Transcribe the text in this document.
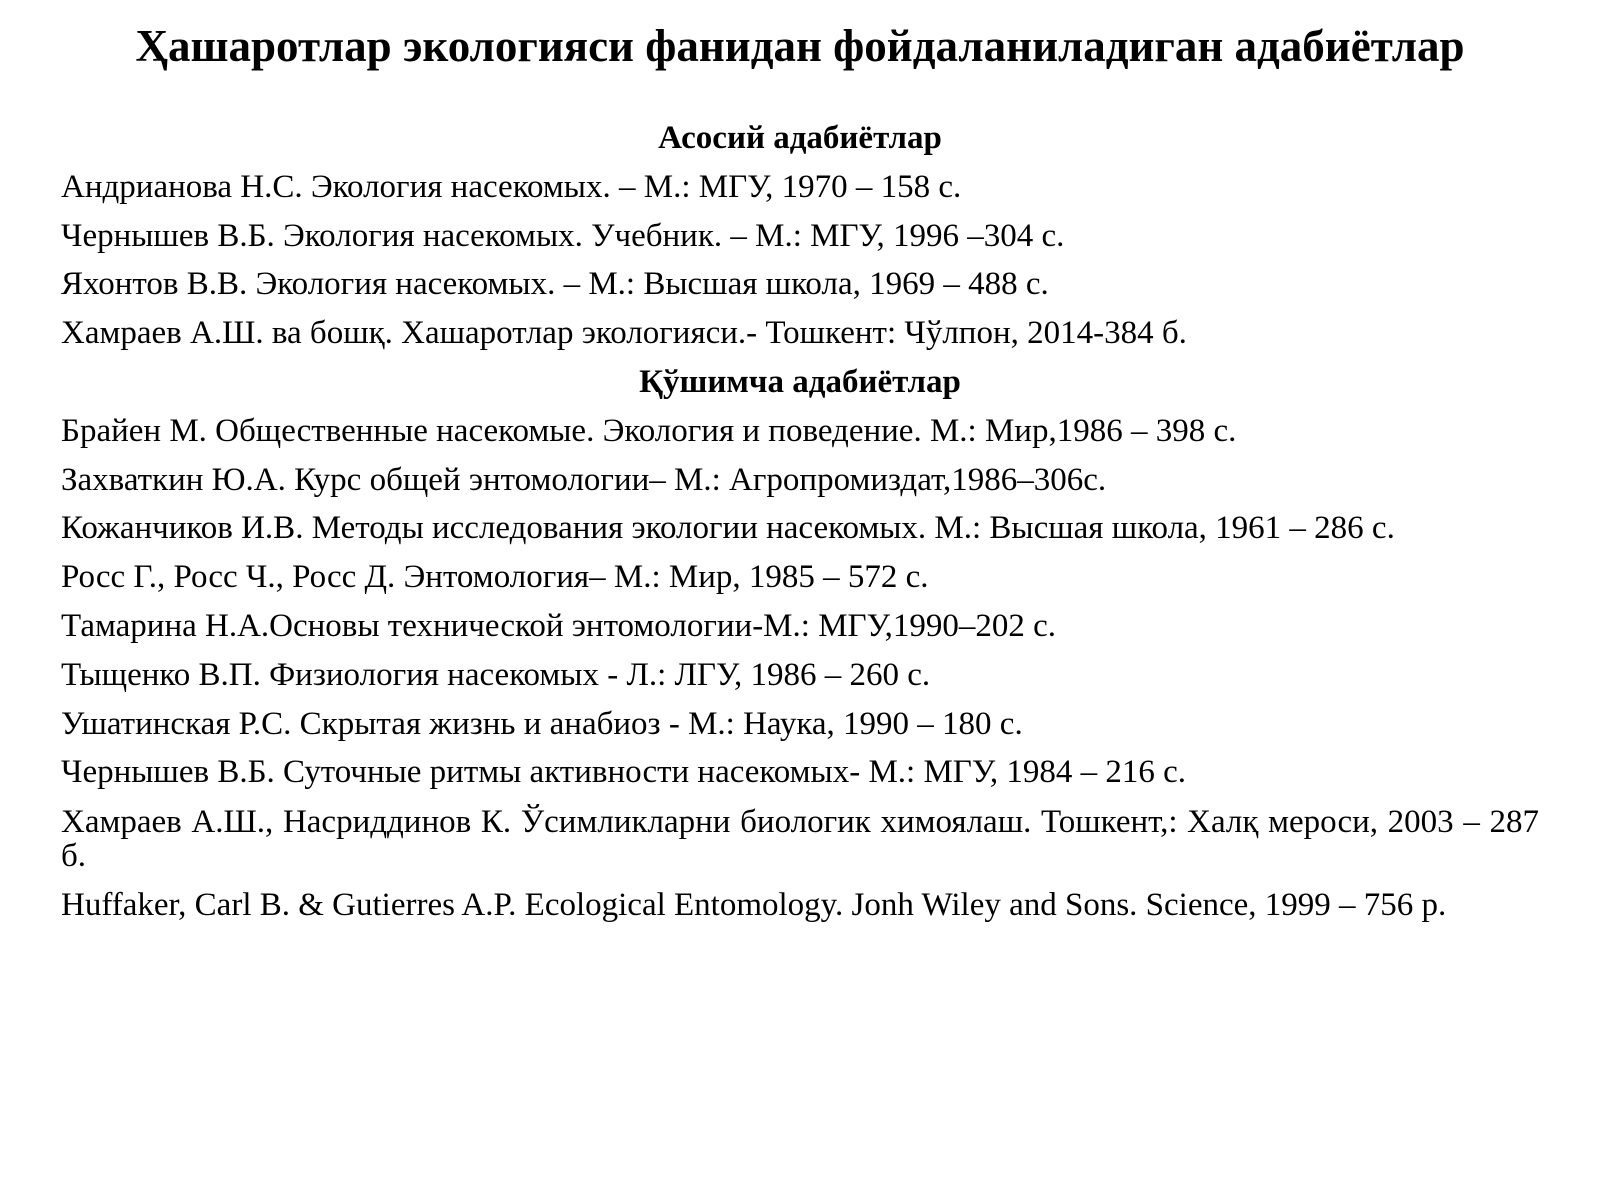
Ҳашаротлар экологияси фанидан фойдаланиладиган адабиётлар

Асосий адабиётлар

Андрианова Н.С. Экология насекомых. – М.: МГУ, 1970 – 158 с.

Чернышев В.Б. Экология насекомых. Учебник. – М.: МГУ, 1996 –304 с.

Яхонтов В.В. Экология насекомых. – М.: Высшая школа, 1969 – 488 с.

Хамраев А.Ш. ва бошқ. Хашаротлар экологияси.- Тошкент: Чўлпон, 2014-384 б.

Қўшимча адабиётлар

Брайен М. Общественные насекомые. Экология и поведение. М.: Мир,1986 – 398 с.

Захваткин Ю.А. Курс общей энтомологии– М.: Агропромиздат,1986–306с.

Кожанчиков И.В. Методы исследования экологии насекомых. М.: Высшая школа, 1961 – 286 с.

Росс Г., Росс Ч., Росс Д. Энтомология– М.: Мир, 1985 – 572 с.

Тамарина Н.А.Основы технической энтомологии-М.: МГУ,1990–202 с.

Тыщенко В.П. Физиология насекомых - Л.: ЛГУ, 1986 – 260 с.

Ушатинская Р.С. Скрытая жизнь и анабиоз - М.: Наука, 1990 – 180 с.

Чернышев В.Б. Суточные ритмы активности насекомых- М.: МГУ, 1984 – 216 с.

Хамраев А.Ш., Насриддинов К. Ўсимликларни биологик химоялаш. Тошкент,: Халқ мероси, 2003 – 287 б.

Huffaker, Carl B. & Gutierres A.P. Ecological Entomology. Jonh Wiley and Sons. Science, 1999 – 756 p.
